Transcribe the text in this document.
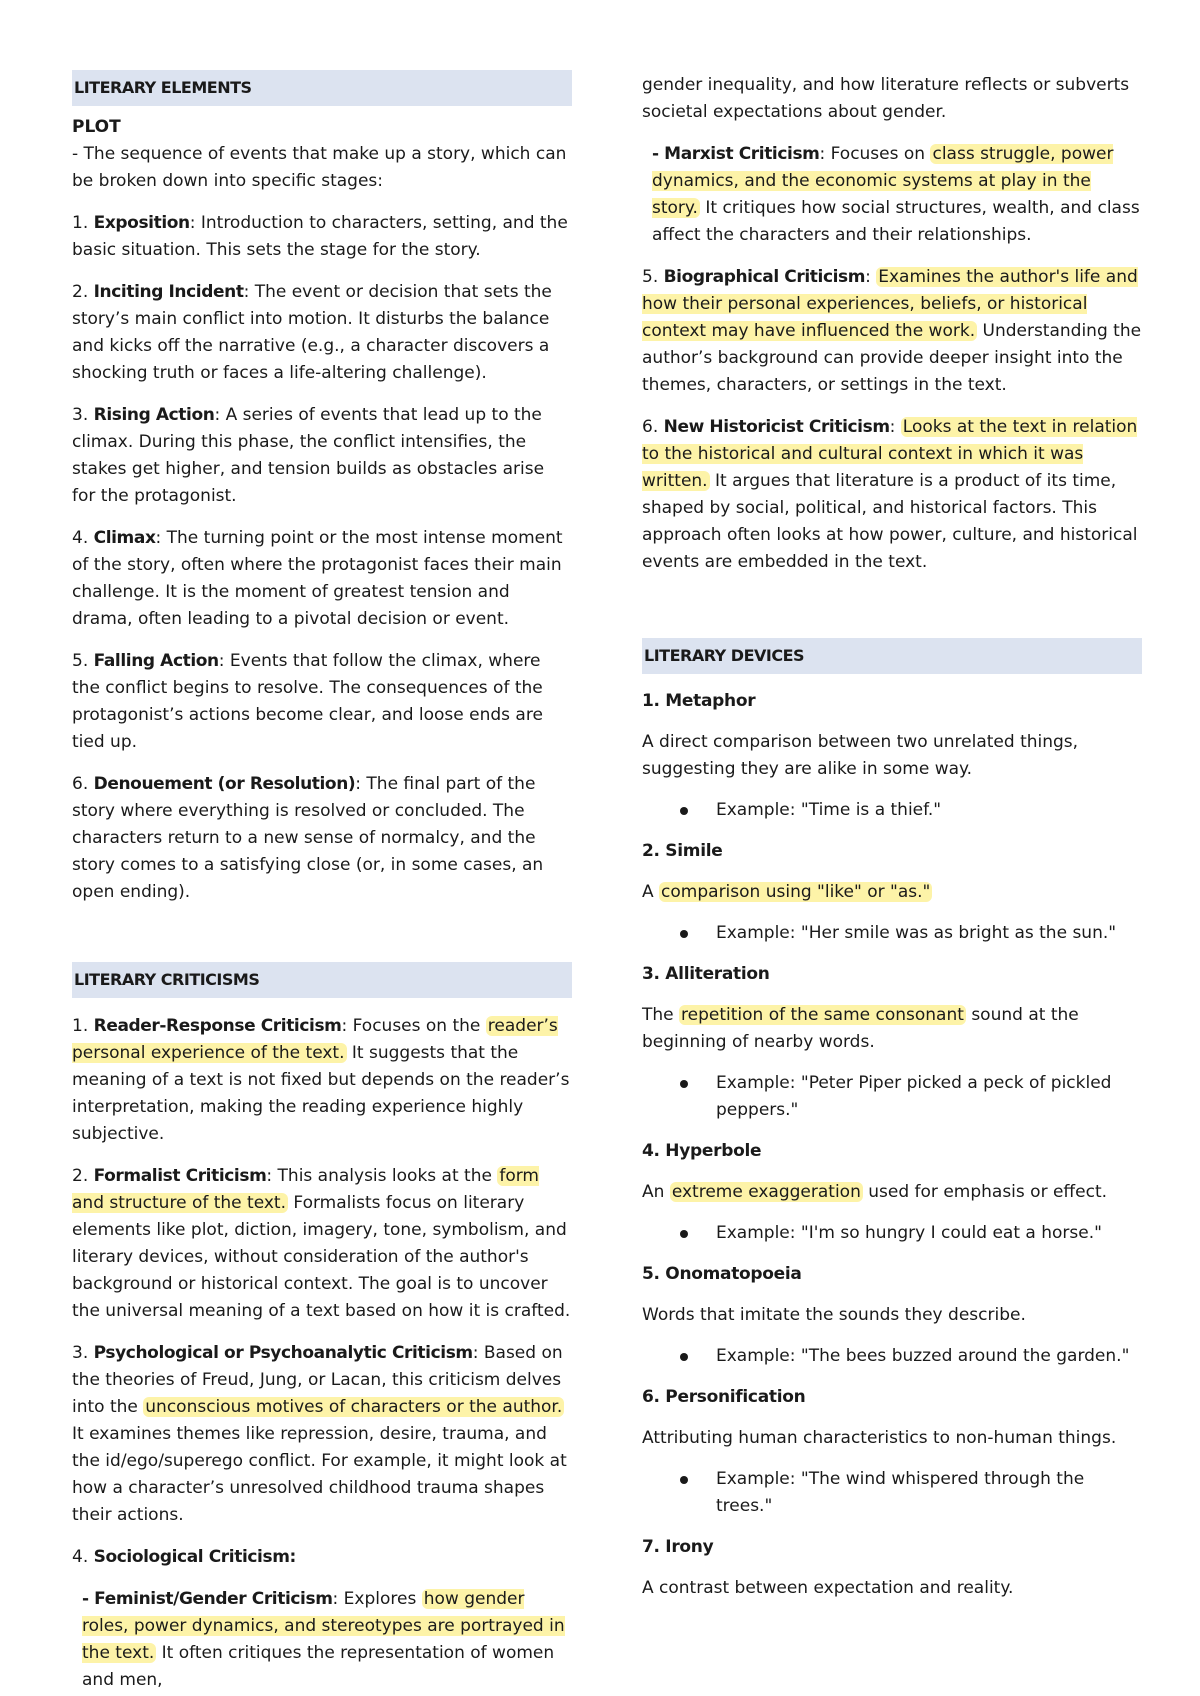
LITERARY ELEMENTS

PLOT

- The sequence of events that make up a story, which can be broken down into specific stages:

1. Exposition: Introduction to characters, setting, and the basic situation. This sets the stage for the story.

2. Inciting Incident: The event or decision that sets the story’s main conflict into motion. It disturbs the balance and kicks off the narrative (e.g., a character discovers a shocking truth or faces a life-altering challenge).

3. Rising Action: A series of events that lead up to the climax. During this phase, the conflict intensifies, the stakes get higher, and tension builds as obstacles arise for the protagonist.

4. Climax: The turning point or the most intense moment of the story, often where the protagonist faces their main challenge. It is the moment of greatest tension and drama, often leading to a pivotal decision or event.

5. Falling Action: Events that follow the climax, where the conflict begins to resolve. The consequences of the protagonist’s actions become clear, and loose ends are tied up.

6. Denouement (or Resolution): The final part of the story where everything is resolved or concluded. The characters return to a new sense of normalcy, and the story comes to a satisfying close (or, in some cases, an open ending).

LITERARY CRITICISMS

1. Reader-Response Criticism: Focuses on the reader’s personal experience of the text. It suggests that the meaning of a text is not fixed but depends on the reader’s interpretation, making the reading experience highly subjective.

2. Formalist Criticism: This analysis looks at the form and structure of the text. Formalists focus on literary elements like plot, diction, imagery, tone, symbolism, and literary devices, without consideration of the author's background or historical context. The goal is to uncover the universal meaning of a text based on how it is crafted.

3. Psychological or Psychoanalytic Criticism: Based on the theories of Freud, Jung, or Lacan, this criticism delves into the unconscious motives of characters or the author. It examines themes like repression, desire, trauma, and the id/ego/superego conflict. For example, it might look at how a character’s unresolved childhood trauma shapes their actions.

4. Sociological Criticism:

- Feminist/Gender Criticism: Explores how gender roles, power dynamics, and stereotypes are portrayed in the text. It often critiques the representation of women and men,

gender inequality, and how literature reflects or subverts societal expectations about gender.

- Marxist Criticism: Focuses on class struggle, power dynamics, and the economic systems at play in the story. It critiques how social structures, wealth, and class affect the characters and their relationships.

5. Biographical Criticism: Examines the author's life and how their personal experiences, beliefs, or historical context may have influenced the work. Understanding the author’s background can provide deeper insight into the themes, characters, or settings in the text.

6. New Historicist Criticism: Looks at the text in relation to the historical and cultural context in which it was written. It argues that literature is a product of its time, shaped by social, political, and historical factors. This approach often looks at how power, culture, and historical events are embedded in the text.

LITERARY DEVICES

1. Metaphor

A direct comparison between two unrelated things, suggesting they are alike in some way.

Example: "Time is a thief."

2. Simile

A comparison using "like" or "as."

Example: "Her smile was as bright as the sun."

3. Alliteration

The repetition of the same consonant sound at the beginning of nearby words.

Example: "Peter Piper picked a peck of pickled peppers."

4. Hyperbole

An extreme exaggeration used for emphasis or effect.

Example: "I'm so hungry I could eat a horse."

5. Onomatopoeia

Words that imitate the sounds they describe.

Example: "The bees buzzed around the garden."

6. Personification

Attributing human characteristics to non-human things.

Example: "The wind whispered through the trees."

7. Irony

A contrast between expectation and reality.
